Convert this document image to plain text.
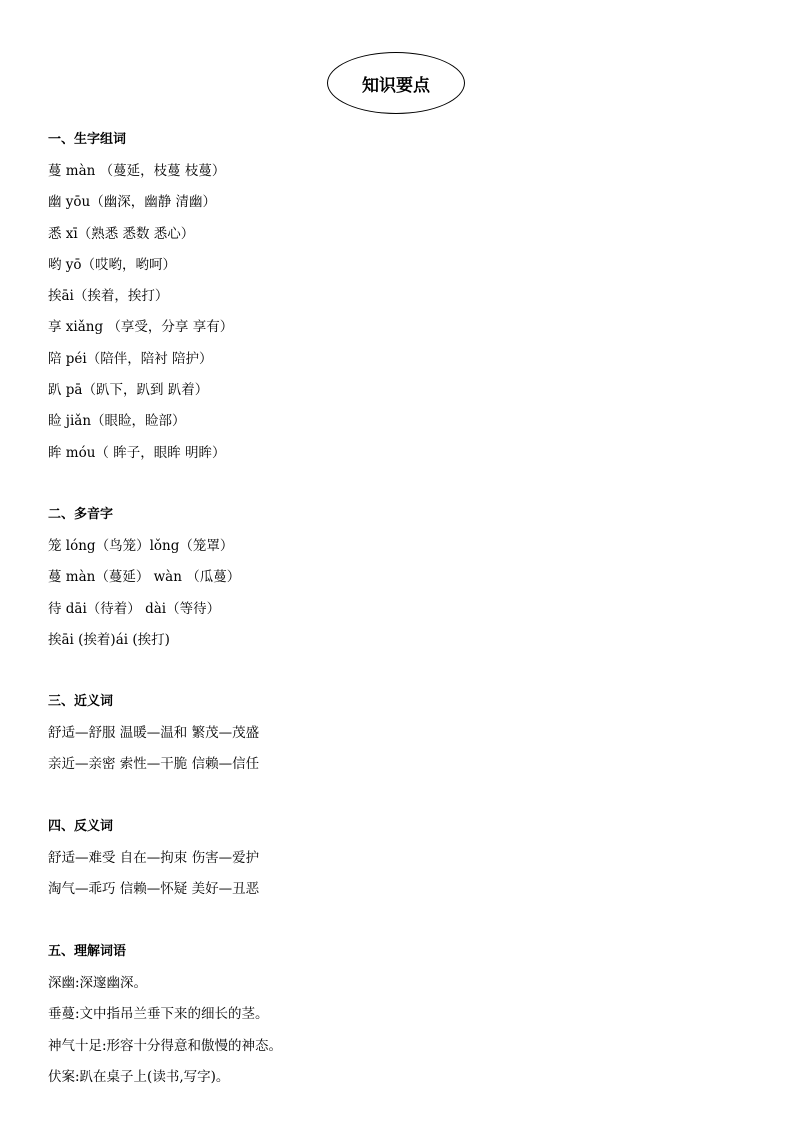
知识要点
一、生字组词
蔓 màn （蔓延，枝蔓 枝蔓）
幽 yōu（幽深，幽静 清幽）
悉 xī（熟悉 悉数 悉心）
哟 yō（哎哟，哟呵）
挨āi（挨着，挨打）
享 xiǎng （享受，分享 享有）
陪 péi（陪伴，陪衬 陪护）
趴 pā（趴下，趴到 趴着）
睑 jiǎn（眼睑，睑部）
眸 móu（ 眸子，眼眸 明眸）
二、多音字
笼 lóng（鸟笼）lǒng（笼罩）
蔓 màn（蔓延） wàn （瓜蔓）
待 dāi（待着） dài（等待）
挨āi (挨着)ái (挨打)
三、近义词
舒适—舒服 温暖—温和 繁茂—茂盛
亲近—亲密 索性—干脆 信赖—信任
四、反义词
舒适—难受 自在—拘束 伤害—爱护
淘气—乖巧 信赖—怀疑 美好—丑恶
五、理解词语
深幽:深邃幽深。
垂蔓:文中指吊兰垂下来的细长的茎。
神气十足:形容十分得意和傲慢的神态。
伏案:趴在桌子上(读书,写字)。
